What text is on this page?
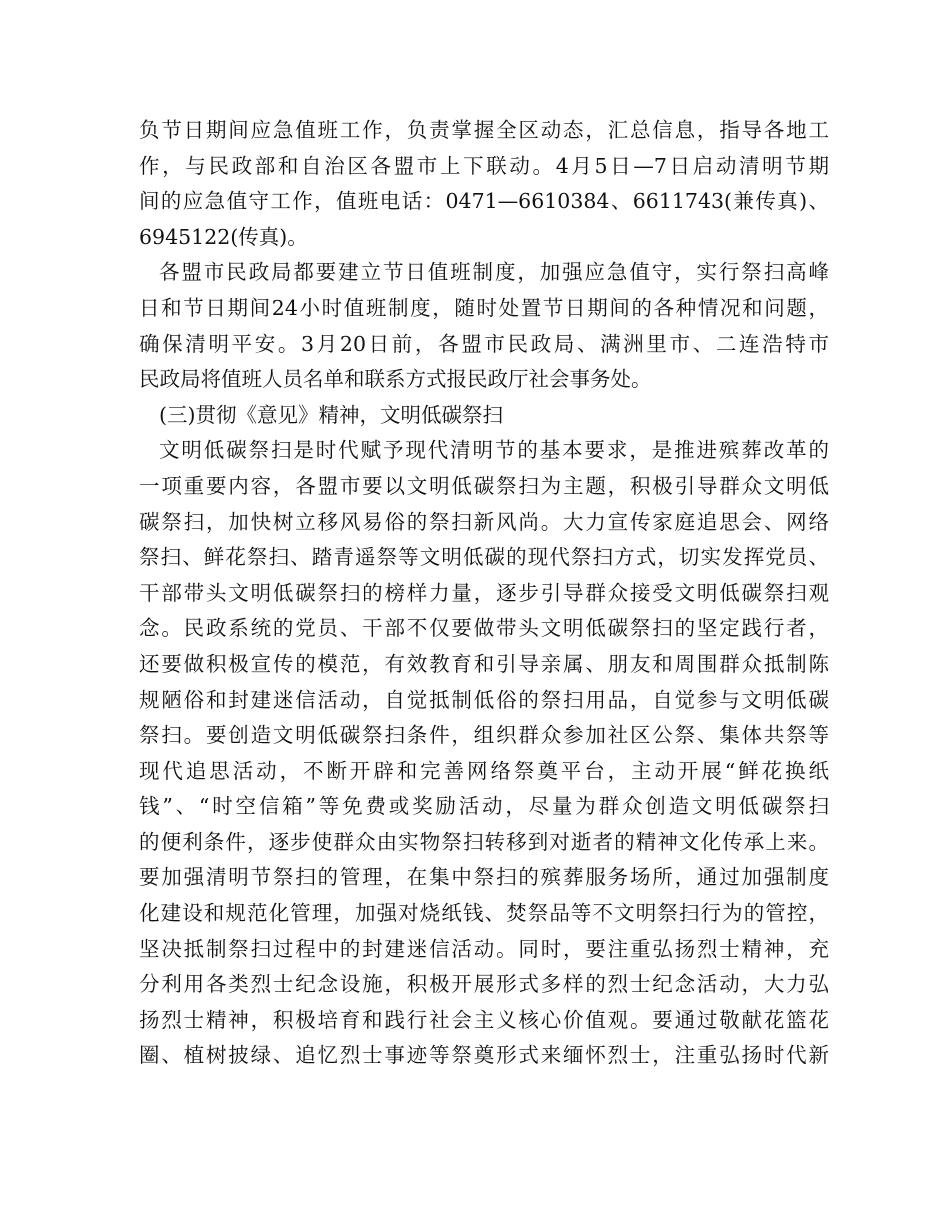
负节日期间应急值班工作，负责掌握全区动态，汇总信息，指导各地工
作，与民政部和自治区各盟市上下联动。4月5日—7日启动清明节期
间的应急值守工作，值班电话：0471—6610384、6611743(兼传真)、
6945122(传真)。
各盟市民政局都要建立节日值班制度，加强应急值守，实行祭扫高峰
日和节日期间24小时值班制度，随时处置节日期间的各种情况和问题，
确保清明平安。3月20日前，各盟市民政局、满洲里市、二连浩特市
民政局将值班人员名单和联系方式报民政厅社会事务处。
(三)贯彻《意见》精神，文明低碳祭扫
文明低碳祭扫是时代赋予现代清明节的基本要求，是推进殡葬改革的
一项重要内容，各盟市要以文明低碳祭扫为主题，积极引导群众文明低
碳祭扫，加快树立移风易俗的祭扫新风尚。大力宣传家庭追思会、网络
祭扫、鲜花祭扫、踏青遥祭等文明低碳的现代祭扫方式，切实发挥党员、
干部带头文明低碳祭扫的榜样力量，逐步引导群众接受文明低碳祭扫观
念。民政系统的党员、干部不仅要做带头文明低碳祭扫的坚定践行者，
还要做积极宣传的模范，有效教育和引导亲属、朋友和周围群众抵制陈
规陋俗和封建迷信活动，自觉抵制低俗的祭扫用品，自觉参与文明低碳
祭扫。要创造文明低碳祭扫条件，组织群众参加社区公祭、集体共祭等
现代追思活动，不断开辟和完善网络祭奠平台，主动开展“鲜花换纸
钱”、“时空信箱”等免费或奖励活动，尽量为群众创造文明低碳祭扫
的便利条件，逐步使群众由实物祭扫转移到对逝者的精神文化传承上来。
要加强清明节祭扫的管理，在集中祭扫的殡葬服务场所，通过加强制度
化建设和规范化管理，加强对烧纸钱、焚祭品等不文明祭扫行为的管控，
坚决抵制祭扫过程中的封建迷信活动。同时，要注重弘扬烈士精神，充
分利用各类烈士纪念设施，积极开展形式多样的烈士纪念活动，大力弘
扬烈士精神，积极培育和践行社会主义核心价值观。要通过敬献花篮花
圈、植树披绿、追忆烈士事迹等祭奠形式来缅怀烈士，注重弘扬时代新
